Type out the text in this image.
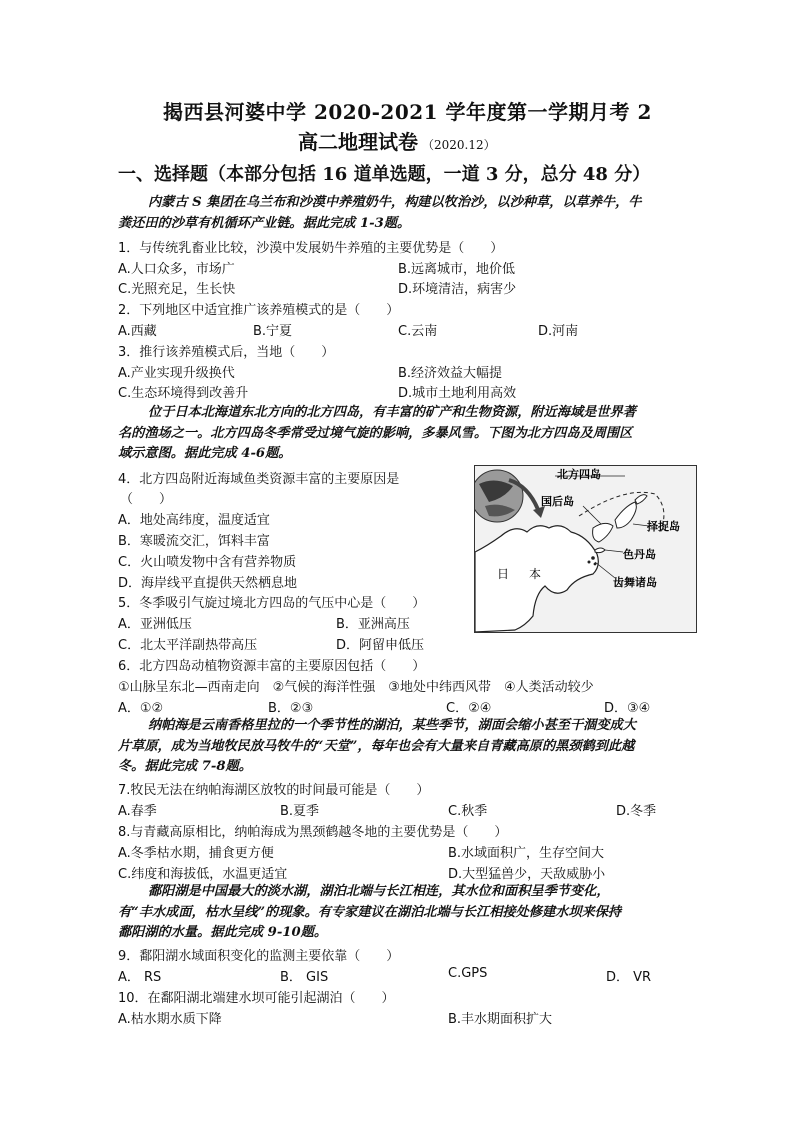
揭西县河婆中学 2020-2021 学年度第一学期月考 2
高二地理试卷 （2020.12）
一、选择题（本部分包括 16 道单选题，一道 3 分，总分 48 分）
内蒙古 S 集团在乌兰布和沙漠中养殖奶牛，构建以牧治沙，以沙种草，以草养牛，牛
粪还田的沙草有机循环产业链。据此完成 1-3题。
1．与传统乳畜业比较，沙漠中发展奶牛养殖的主要优势是（　　）
A.人口众多，市场广	B.远离城市，地价低
C.光照充足，生长快	D.环境清洁，病害少
2．下列地区中适宜推广该养殖模式的是（　　）
A.西藏	B.宁夏	C.云南	D.河南
3．推行该养殖模式后，当地（　　）
A.产业实现升级换代	B.经济效益大幅提
C.生态环境得到改善升	D.城市土地利用高效
位于日本北海道东北方向的北方四岛，有丰富的矿产和生物资源，附近海域是世界著
名的渔场之一。北方四岛冬季常受过境气旋的影响，多暴风雪。下图为北方四岛及周围区
域示意图。据此完成 4-6题。
4．北方四岛附近海域鱼类资源丰富的主要原因是
（　　）
A．地处高纬度，温度适宜
B．寒暖流交汇，饵料丰富
C．火山喷发物中含有营养物质
D．海岸线平直提供天然栖息地
5．冬季吸引气旋过境北方四岛的气压中心是（　　）
A．亚洲低压	B．亚洲高压
C．北太平洋副热带高压	D．阿留申低压
北方四岛
国后岛
择捉岛
色丹岛
齿舞诸岛
日 本
6．北方四岛动植物资源丰富的主要原因包括（　　）
①山脉呈东北—西南走向　②气候的海洋性强　③地处中纬西风带　④人类活动较少
A．①②	B．②③	C．②④	D．③④
纳帕海是云南香格里拉的一个季节性的湖泊，某些季节，湖面会缩小甚至干涸变成大
片草原，成为当地牧民放马牧牛的“天堂”，每年也会有大量来自青藏高原的黑颈鹤到此越
冬。据此完成 7-8题。
7.牧民无法在纳帕海湖区放牧的时间最可能是（　　）
A.春季	B.夏季	C.秋季	D.冬季
8.与青藏高原相比，纳帕海成为黑颈鹤越冬地的主要优势是（　　）
A.冬季枯水期，捕食更方便	B.水域面积广，生存空间大
C.纬度和海拔低，水温更适宜	D.大型猛兽少，天敌威胁小
鄱阳湖是中国最大的淡水湖，湖泊北端与长江相连，其水位和面积呈季节变化，
有“丰水成面，枯水呈线”的现象。有专家建议在湖泊北端与长江相接处修建水坝来保持
鄱阳湖的水量。据此完成 9-10题。
9．鄱阳湖水域面积变化的监测主要依靠（　　）
A． RS	B． GIS	C.GPS	D． VR
10．在鄱阳湖北端建水坝可能引起湖泊（　　）
A.枯水期水质下降	B.丰水期面积扩大
